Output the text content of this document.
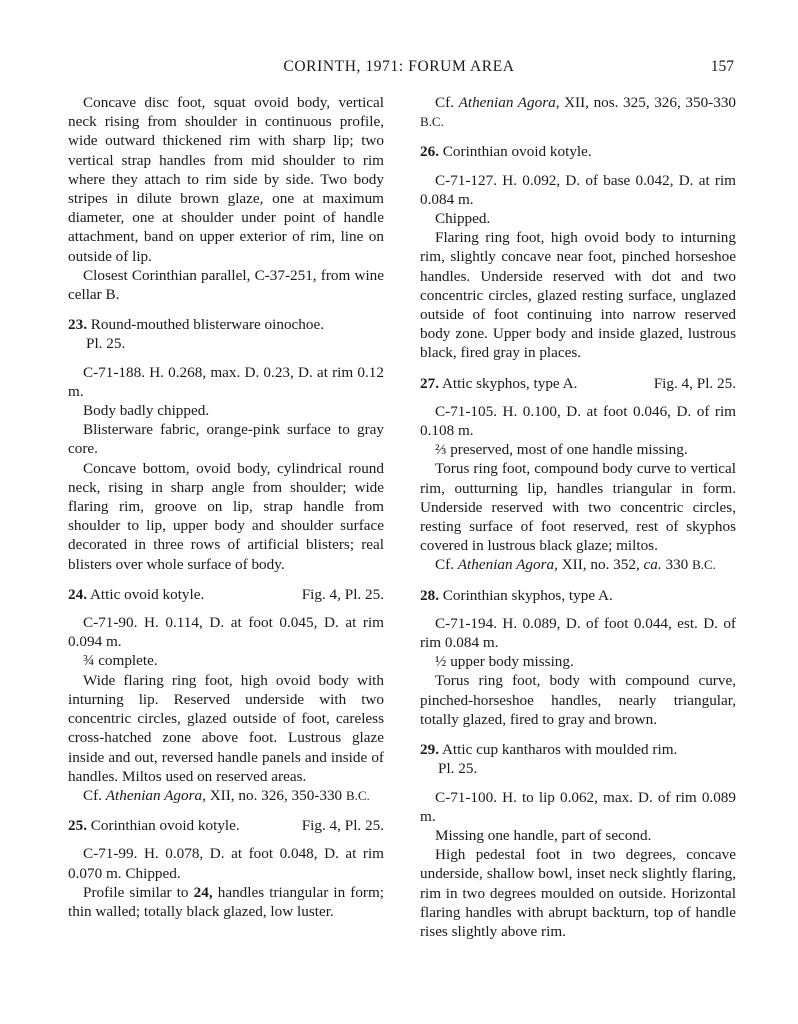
CORINTH, 1971: FORUM AREA	157

Concave disc foot, squat ovoid body, vertical neck rising from shoulder in continuous profile, wide outward thickened rim with sharp lip; two vertical strap handles from mid shoulder to rim where they attach to rim side by side. Two body stripes in dilute brown glaze, one at maximum diameter, one at shoulder under point of handle attachment, band on upper exterior of rim, line on outside of lip.

Closest Corinthian parallel, C-37-251, from wine cellar B.

23. Round-mouthed blisterware oinochoe.
Pl. 25.

C-71-188. H. 0.268, max. D. 0.23, D. at rim 0.12 m.

Body badly chipped.

Blisterware fabric, orange-pink surface to gray core.

Concave bottom, ovoid body, cylindrical round neck, rising in sharp angle from shoulder; wide flaring rim, groove on lip, strap handle from shoulder to lip, upper body and shoulder surface decorated in three rows of artificial blisters; real blisters over whole surface of body.

24. Attic ovoid kotyle.	Fig. 4, Pl. 25.

C-71-90. H. 0.114, D. at foot 0.045, D. at rim 0.094 m.

¾ complete.

Wide flaring ring foot, high ovoid body with inturning lip. Reserved underside with two concentric circles, glazed outside of foot, careless cross-hatched zone above foot. Lustrous glaze inside and out, reversed handle panels and inside of handles. Miltos used on reserved areas.

Cf. Athenian Agora, XII, no. 326, 350-330 B.C.

25. Corinthian ovoid kotyle.	Fig. 4, Pl. 25.

C-71-99. H. 0.078, D. at foot 0.048, D. at rim 0.070 m. Chipped.

Profile similar to 24, handles triangular in form; thin walled; totally black glazed, low luster.

Cf. Athenian Agora, XII, nos. 325, 326, 350-330 B.C.

26. Corinthian ovoid kotyle.

C-71-127. H. 0.092, D. of base 0.042, D. at rim 0.084 m.

Chipped.

Flaring ring foot, high ovoid body to inturning rim, slightly concave near foot, pinched horseshoe handles. Underside reserved with dot and two concentric circles, glazed resting surface, unglazed outside of foot continuing into narrow reserved body zone. Upper body and inside glazed, lustrous black, fired gray in places.

27. Attic skyphos, type A.	Fig. 4, Pl. 25.

C-71-105. H. 0.100, D. at foot 0.046, D. of rim 0.108 m.

⅔ preserved, most of one handle missing.

Torus ring foot, compound body curve to vertical rim, outturning lip, handles triangular in form. Underside reserved with two concentric circles, resting surface of foot reserved, rest of skyphos covered in lustrous black glaze; miltos.

Cf. Athenian Agora, XII, no. 352, ca. 330 B.C.

28. Corinthian skyphos, type A.

C-71-194. H. 0.089, D. of foot 0.044, est. D. of rim 0.084 m.

½ upper body missing.

Torus ring foot, body with compound curve, pinched-horseshoe handles, nearly triangular, totally glazed, fired to gray and brown.

29. Attic cup kantharos with moulded rim.
Pl. 25.

C-71-100. H. to lip 0.062, max. D. of rim 0.089 m.

Missing one handle, part of second.

High pedestal foot in two degrees, concave underside, shallow bowl, inset neck slightly flaring, rim in two degrees moulded on outside. Horizontal flaring handles with abrupt backturn, top of handle rises slightly above rim.
